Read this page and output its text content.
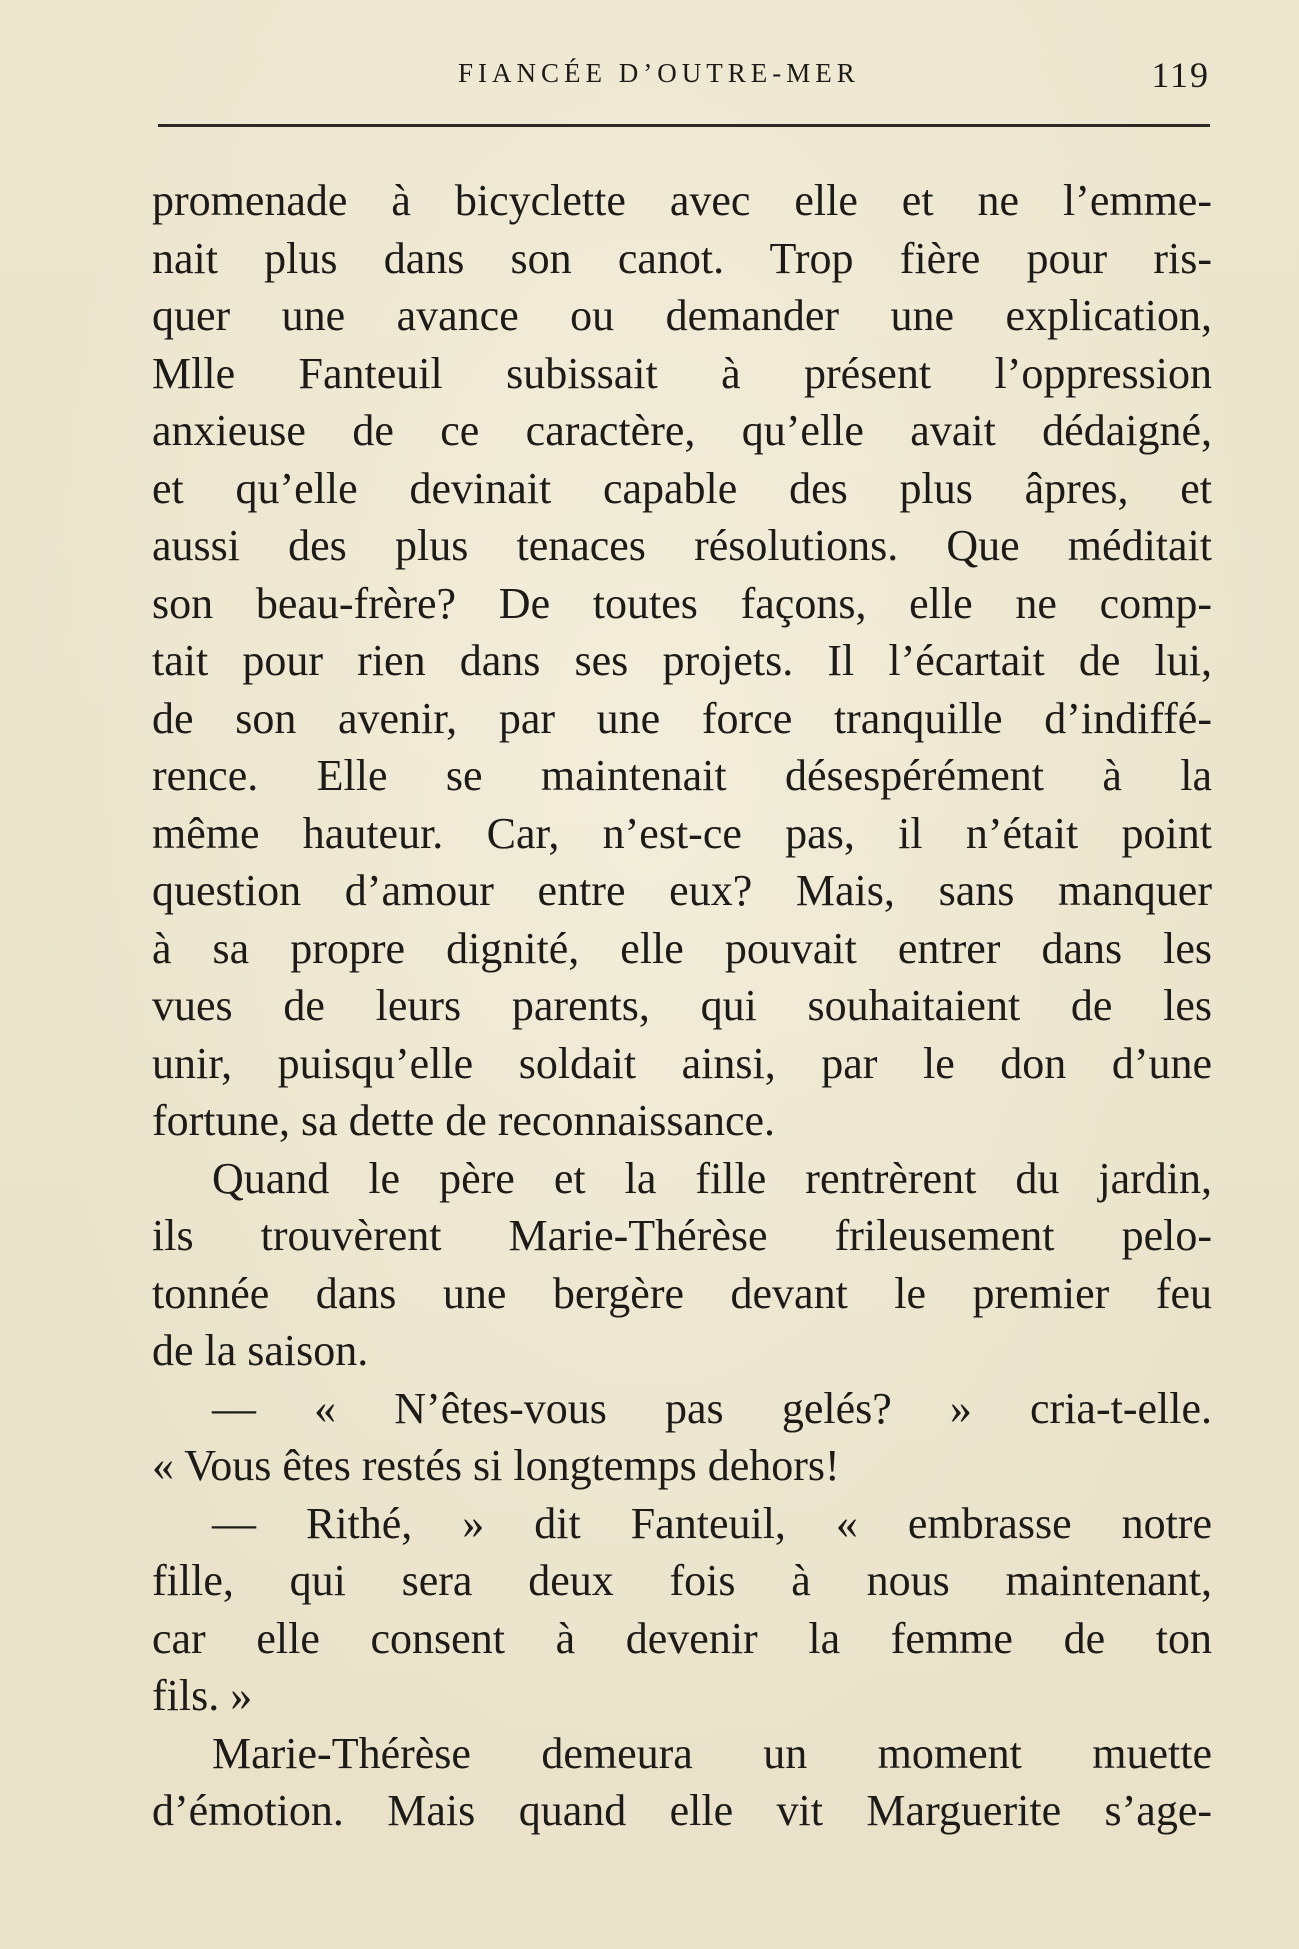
FIANCÉE D’OUTRE-MER	119
promenade à bicyclette avec elle et ne l’emme-
nait plus dans son canot. Trop fière pour ris-
quer une avance ou demander une explication,
Mlle Fanteuil subissait à présent l’oppression
anxieuse de ce caractère, qu’elle avait dédaigné,
et qu’elle devinait capable des plus âpres, et
aussi des plus tenaces résolutions. Que méditait
son beau-frère? De toutes façons, elle ne comp-
tait pour rien dans ses projets. Il l’écartait de lui,
de son avenir, par une force tranquille d’indiffé-
rence. Elle se maintenait désespérément à la
même hauteur. Car, n’est-ce pas, il n’était point
question d’amour entre eux? Mais, sans manquer
à sa propre dignité, elle pouvait entrer dans les
vues de leurs parents, qui souhaitaient de les
unir, puisqu’elle soldait ainsi, par le don d’une
fortune, sa dette de reconnaissance.
Quand le père et la fille rentrèrent du jardin,
ils trouvèrent Marie-Thérèse frileusement pelo-
tonnée dans une bergère devant le premier feu
de la saison.
— « N’êtes-vous pas gelés? » cria-t-elle.
« Vous êtes restés si longtemps dehors!
— Rithé, » dit Fanteuil, « embrasse notre
fille, qui sera deux fois à nous maintenant,
car elle consent à devenir la femme de ton
fils. »
Marie-Thérèse demeura un moment muette
d’émotion. Mais quand elle vit Marguerite s’age-
